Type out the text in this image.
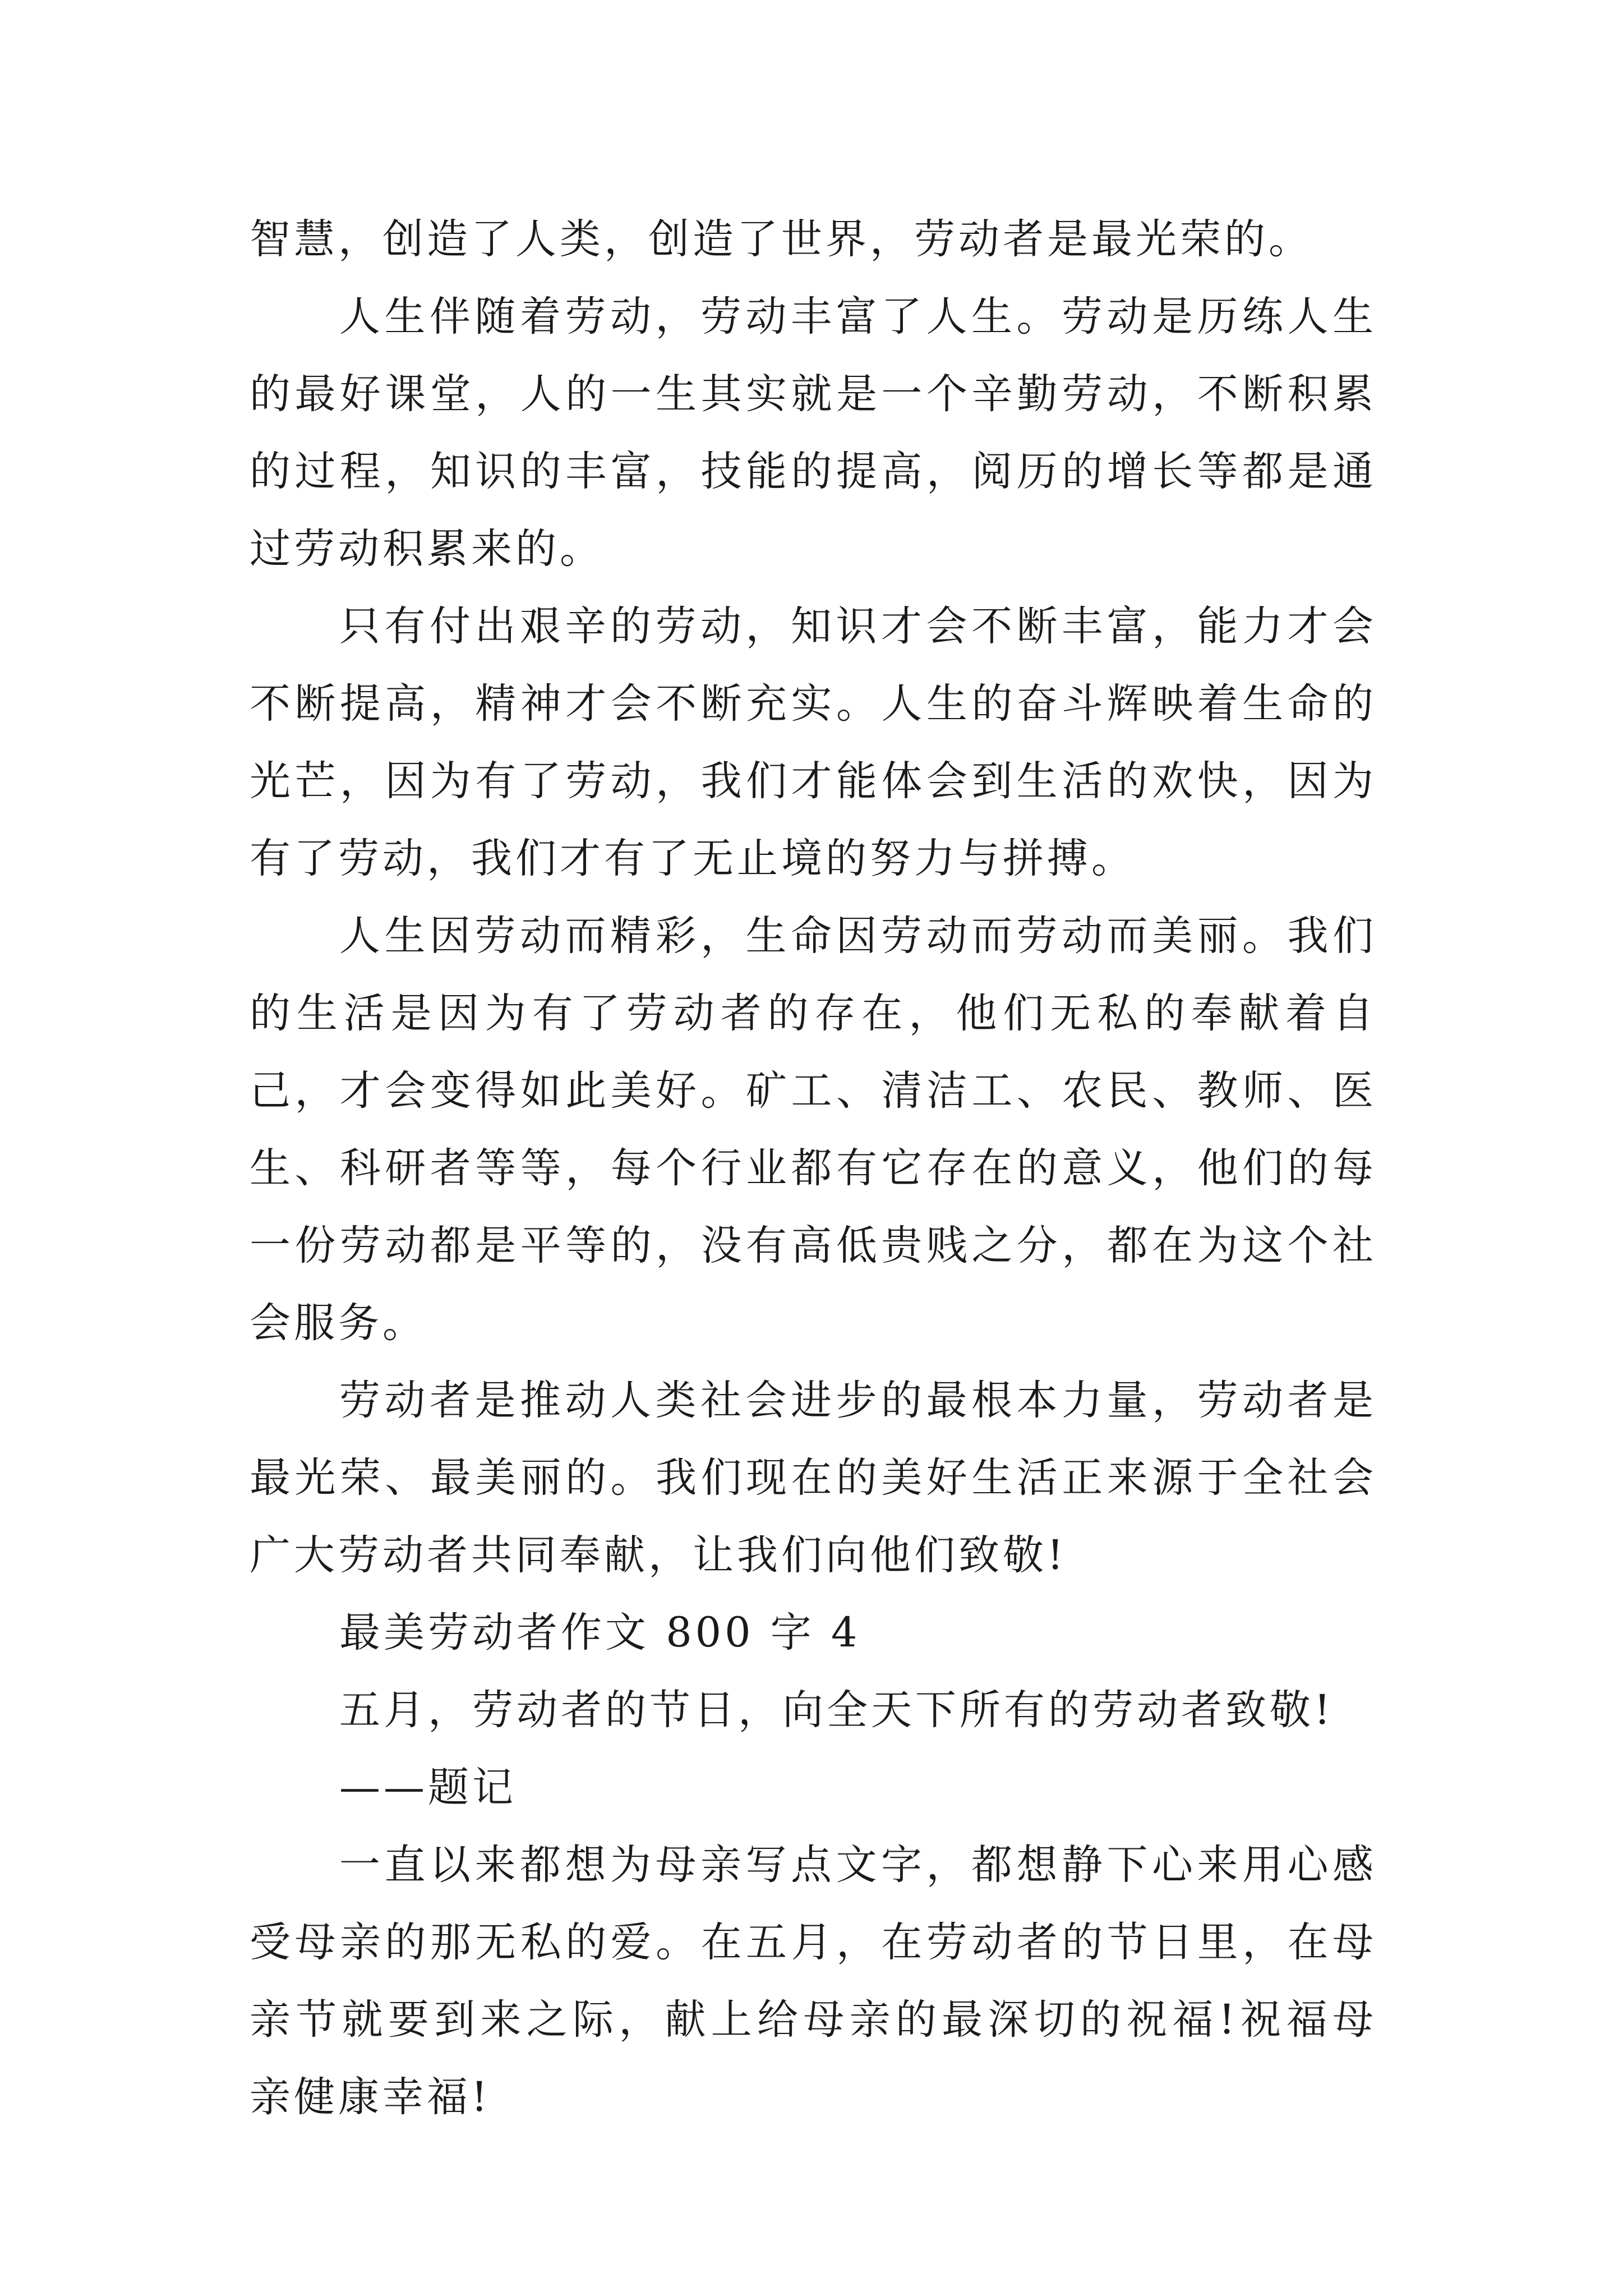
智慧，创造了人类，创造了世界，劳动者是最光荣的。

人生伴随着劳动，劳动丰富了人生。劳动是历练人生的最好课堂，人的一生其实就是一个辛勤劳动，不断积累的过程，知识的丰富，技能的提高，阅历的增长等都是通过劳动积累来的。

只有付出艰辛的劳动，知识才会不断丰富，能力才会不断提高，精神才会不断充实。人生的奋斗辉映着生命的光芒，因为有了劳动，我们才能体会到生活的欢快，因为有了劳动，我们才有了无止境的努力与拼搏。

人生因劳动而精彩，生命因劳动而劳动而美丽。我们的生活是因为有了劳动者的存在，他们无私的奉献着自己，才会变得如此美好。矿工、清洁工、农民、教师、医生、科研者等等，每个行业都有它存在的意义，他们的每一份劳动都是平等的，没有高低贵贱之分，都在为这个社会服务。

劳动者是推动人类社会进步的最根本力量，劳动者是最光荣、最美丽的。我们现在的美好生活正来源于全社会广大劳动者共同奉献，让我们向他们致敬!

最美劳动者作文 800 字 4

五月，劳动者的节日，向全天下所有的劳动者致敬!

——题记

一直以来都想为母亲写点文字，都想静下心来用心感受母亲的那无私的爱。在五月，在劳动者的节日里，在母亲节就要到来之际，献上给母亲的最深切的祝福!祝福母亲健康幸福!
